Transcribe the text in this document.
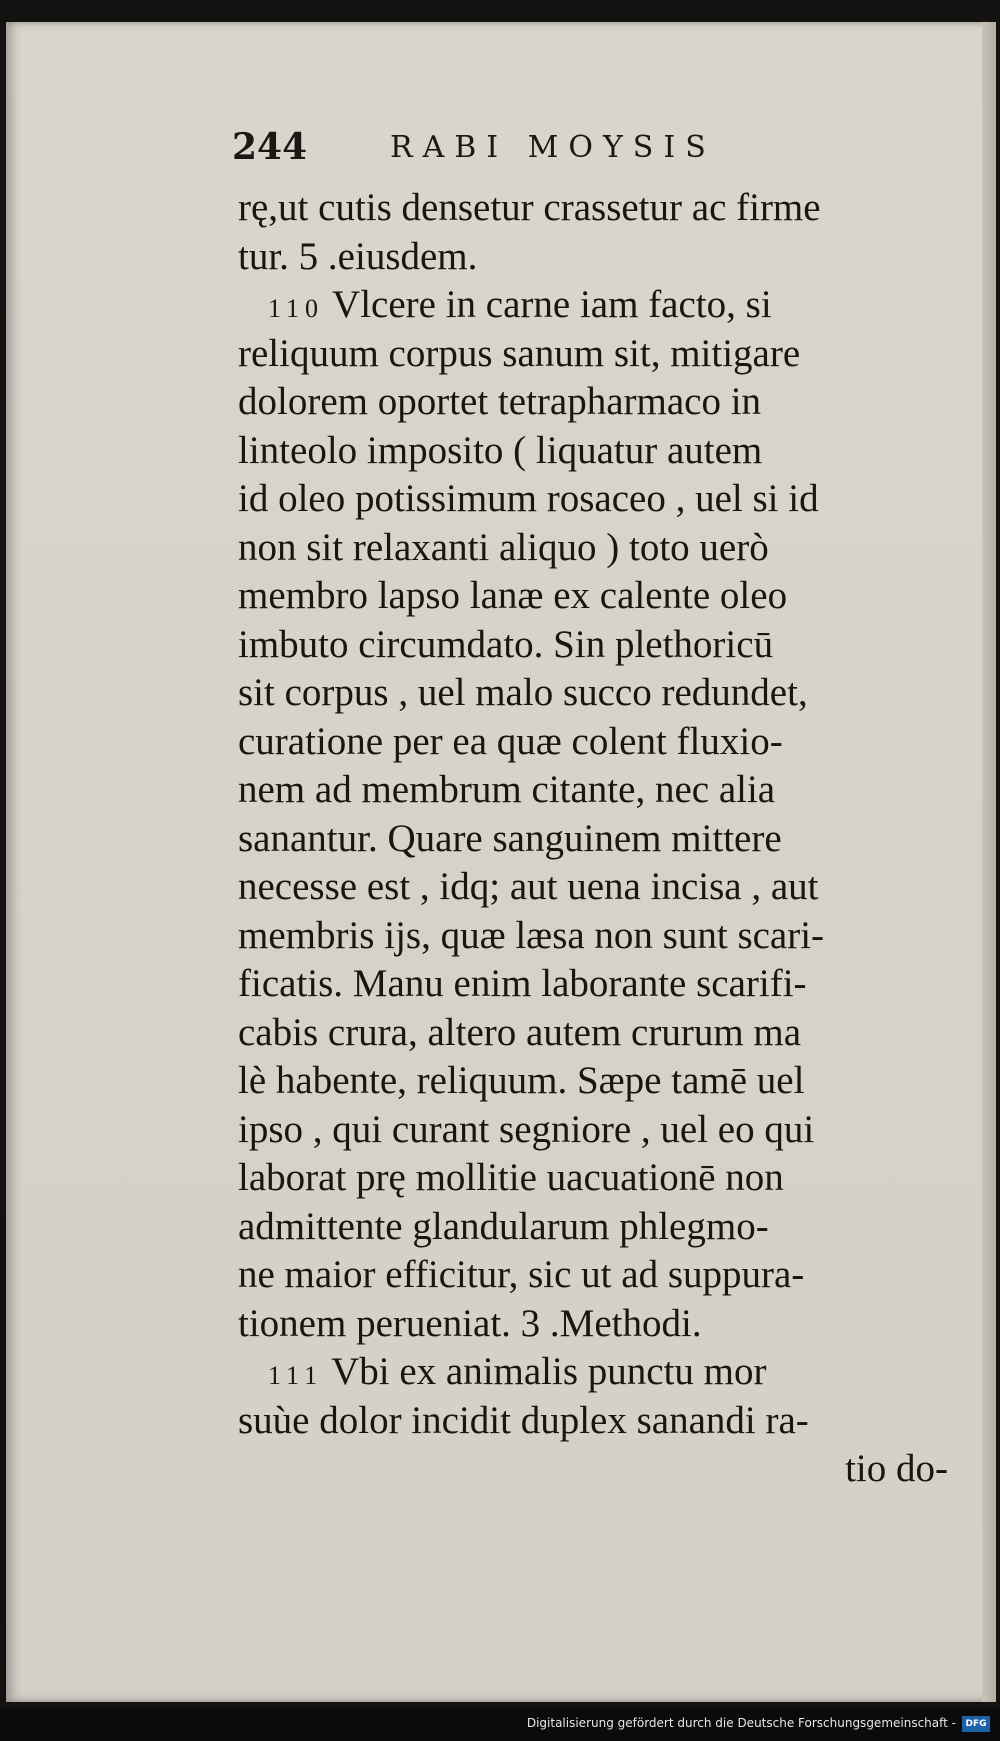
244	RABI MOYSIS
rę,ut cutis densetur crassetur ac firme
tur. 5 .eiusdem.
110 Vlcere in carne iam facto, si
reliquum corpus sanum sit, mitigare
dolorem oportet tetrapharmaco in
linteolo imposito ( liquatur autem
id oleo potissimum rosaceo , uel si id
non sit relaxanti aliquo ) toto uerò
membro lapso lanæ ex calente oleo
imbuto circumdato. Sin plethoricū
sit corpus , uel malo succo redundet,
curatione per ea quæ colent fluxio-
nem ad membrum citante, nec alia
sanantur. Quare sanguinem mittere
necesse est , idq; aut uena incisa , aut
membris ijs, quæ læsa non sunt scari-
ficatis. Manu enim laborante scarifi-
cabis crura, altero autem crurum ma
lè habente, reliquum. Sæpe tamē uel
ipso , qui curant segniore , uel eo qui
laborat prę mollitie uacuationē non
admittente glandularum phlegmo-
ne maior efficitur, sic ut ad suppura-
tionem perueniat. 3 .Methodi.
111 Vbi ex animalis punctu mor
suùe dolor incidit duplex sanandi ra-
tio do-
Digitalisierung gefördert durch die Deutsche Forschungsgemeinschaft -	DFG
